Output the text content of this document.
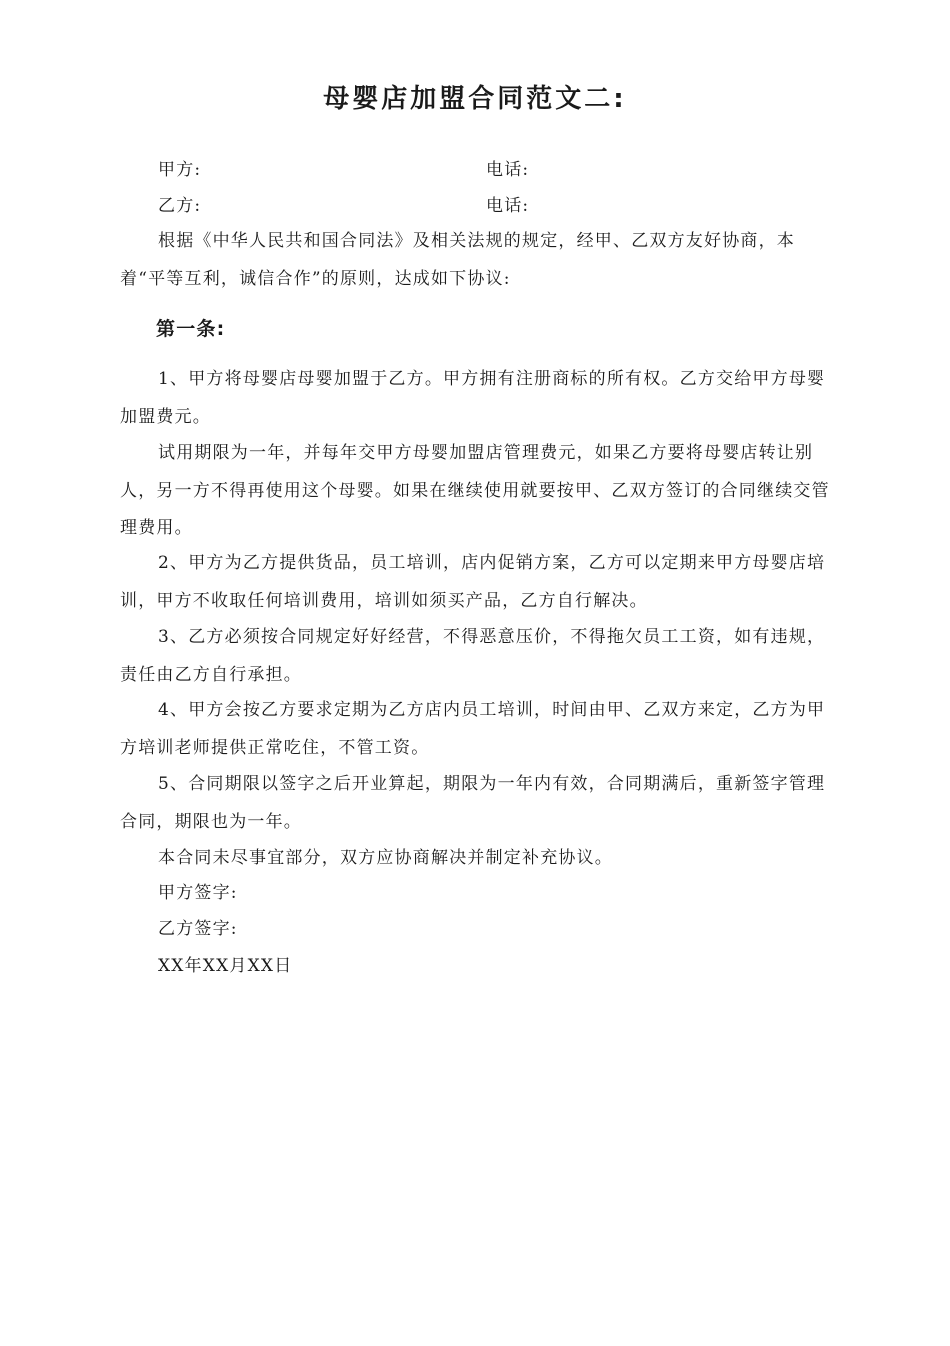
母婴店加盟合同范文二:
甲方:	电话:
乙方:	电话:
根据《中华人民共和国合同法》及相关法规的规定，经甲、乙双方友好协商，本着“平等互利，诚信合作”的原则，达成如下协议:
第一条:
1、甲方将母婴店母婴加盟于乙方。甲方拥有注册商标的所有权。乙方交给甲方母婴加盟费元。
试用期限为一年，并每年交甲方母婴加盟店管理费元，如果乙方要将母婴店转让别人，另一方不得再使用这个母婴。如果在继续使用就要按甲、乙双方签订的合同继续交管理费用。
2、甲方为乙方提供货品，员工培训，店内促销方案，乙方可以定期来甲方母婴店培训，甲方不收取任何培训费用，培训如须买产品，乙方自行解决。
3、乙方必须按合同规定好好经营，不得恶意压价，不得拖欠员工工资，如有违规，责任由乙方自行承担。
4、甲方会按乙方要求定期为乙方店内员工培训，时间由甲、乙双方来定，乙方为甲方培训老师提供正常吃住，不管工资。
5、合同期限以签字之后开业算起，期限为一年内有效，合同期满后，重新签字管理合同，期限也为一年。
本合同未尽事宜部分，双方应协商解决并制定补充协议。
甲方签字:
乙方签字:
XX年XX月XX日
